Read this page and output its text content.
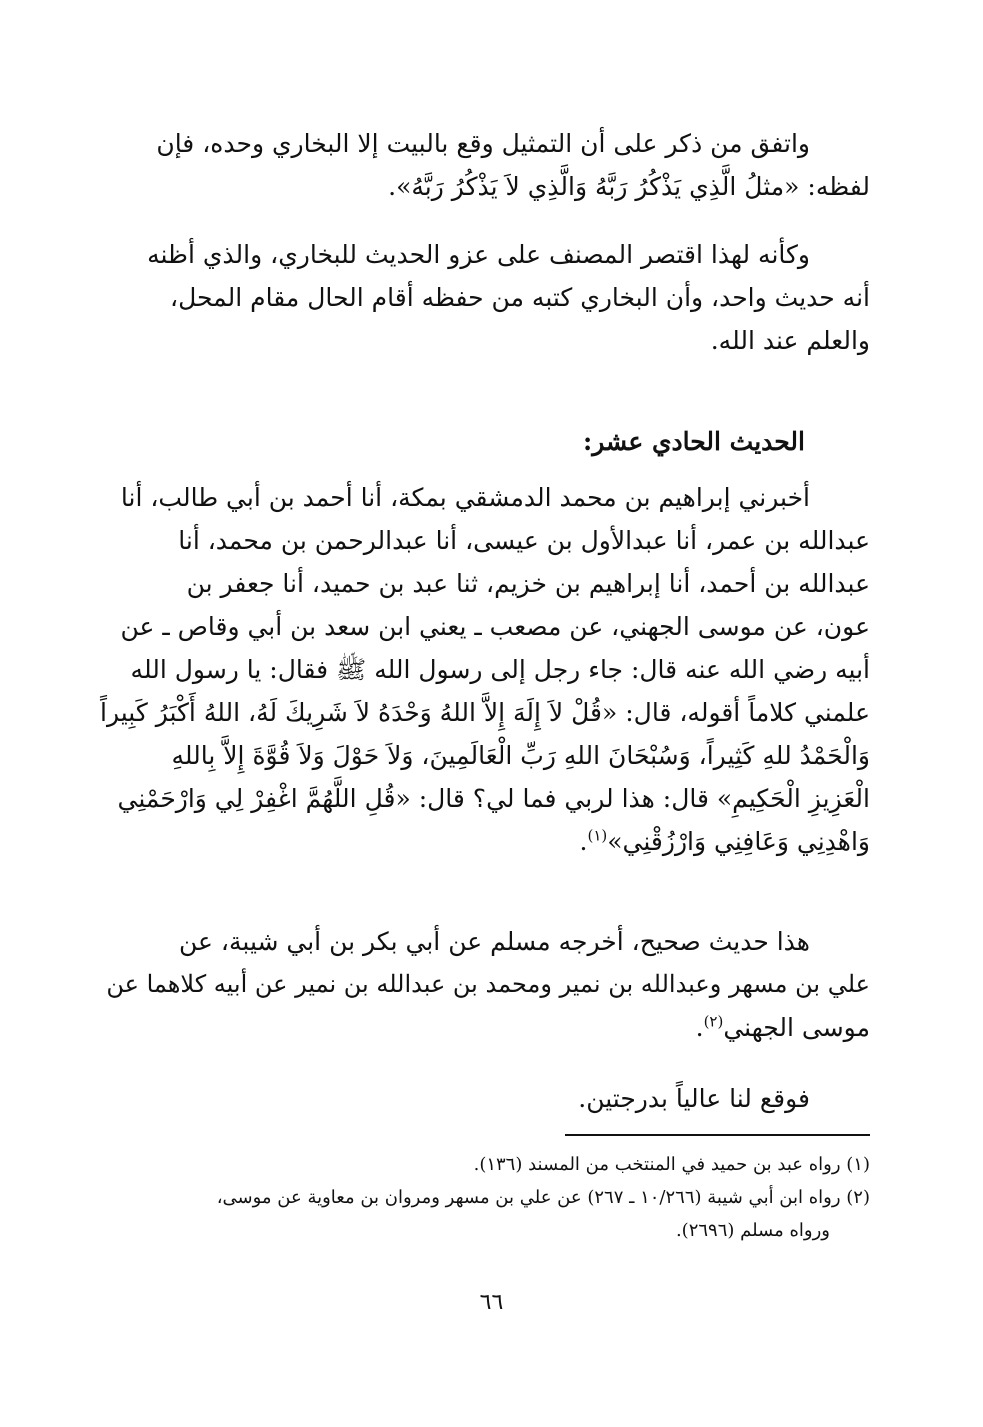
واتفق من ذكر على أن التمثيل وقع بالبيت إلا البخاري وحده، فإن
لفظه: «مثلُ الَّذِي يَذْكُرُ رَبَّهُ وَالَّذِي لاَ يَذْكُرُ رَبَّهُ».
وكأنه لهذا اقتصر المصنف على عزو الحديث للبخاري، والذي أظنه
أنه حديث واحد، وأن البخاري كتبه من حفظه أقام الحال مقام المحل،
والعلم عند الله.
الحديث الحادي عشر:
أخبرني إبراهيم بن محمد الدمشقي بمكة، أنا أحمد بن أبي طالب، أنا
عبدالله بن عمر، أنا عبدالأول بن عيسى، أنا عبدالرحمن بن محمد، أنا
عبدالله بن أحمد، أنا إبراهيم بن خزيم، ثنا عبد بن حميد، أنا جعفر بن
عون، عن موسى الجهني، عن مصعب ـ يعني ابن سعد بن أبي وقاص ـ عن
أبيه رضي الله عنه قال: جاء رجل إلى رسول الله ﷺ فقال: يا رسول الله
علمني كلاماً أقوله، قال: «قُلْ لاَ إِلَهَ إِلاَّ اللهُ وَحْدَهُ لاَ شَرِيكَ لَهُ، اللهُ أَكْبَرُ كَبِيراً
وَالْحَمْدُ للهِ كَثِيراً، وَسُبْحَانَ اللهِ رَبِّ الْعَالَمِينَ، وَلاَ حَوْلَ وَلاَ قُوَّةَ إِلاَّ بِاللهِ
الْعَزِيزِ الْحَكِيمِ» قال: هذا لربي فما لي؟ قال: «قُلِ اللَّهُمَّ اغْفِرْ لِي وَارْحَمْنِي
وَاهْدِنِي وَعَافِنِي وَارْزُقْنِي»$^{(١)}$.
هذا حديث صحيح، أخرجه مسلم عن أبي بكر بن أبي شيبة، عن
علي بن مسهر وعبدالله بن نمير ومحمد بن عبدالله بن نمير عن أبيه كلاهما عن
موسى الجهني$^{(٢)}$.
فوقع لنا عالياً بدرجتين.
(١) رواه عبد بن حميد في المنتخب من المسند (١٣٦).
(٢) رواه ابن أبي شيبة (١٠/٢٦٦ ـ ٢٦٧) عن علي بن مسهر ومروان بن معاوية عن موسى،
ورواه مسلم (٢٦٩٦).
٦٦
